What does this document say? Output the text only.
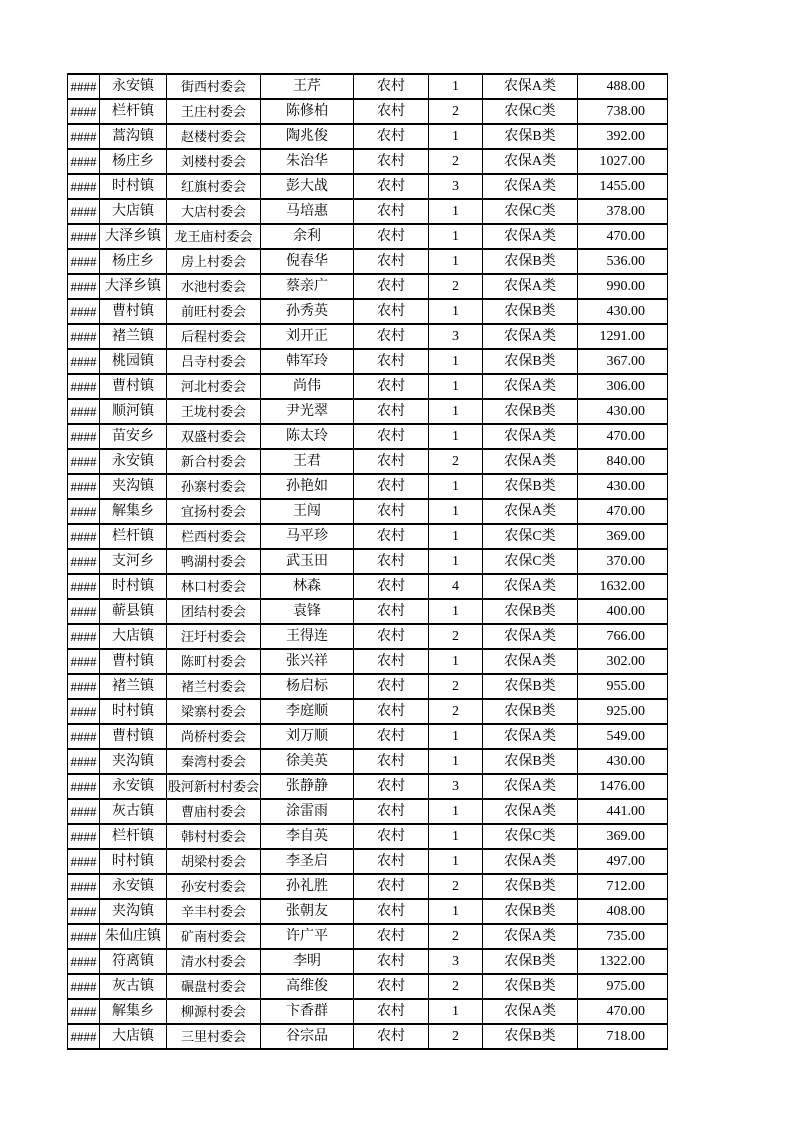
####	永安镇	街西村委会	王芹	农村	1	农保A类	488.00
####	栏杆镇	王庄村委会	陈修柏	农村	2	农保C类	738.00
####	蒿沟镇	赵楼村委会	陶兆俊	农村	1	农保B类	392.00
####	杨庄乡	刘楼村委会	朱治华	农村	2	农保A类	1027.00
####	时村镇	红旗村委会	彭大战	农村	3	农保A类	1455.00
####	大店镇	大店村委会	马培惠	农村	1	农保C类	378.00
####	大泽乡镇	龙王庙村委会	余利	农村	1	农保A类	470.00
####	杨庄乡	房上村委会	倪春华	农村	1	农保B类	536.00
####	大泽乡镇	水池村委会	蔡亲广	农村	2	农保A类	990.00
####	曹村镇	前旺村委会	孙秀英	农村	1	农保B类	430.00
####	褚兰镇	后程村委会	刘开正	农村	3	农保A类	1291.00
####	桃园镇	吕寺村委会	韩军玲	农村	1	农保B类	367.00
####	曹村镇	河北村委会	尚伟	农村	1	农保A类	306.00
####	顺河镇	王垅村委会	尹光翠	农村	1	农保B类	430.00
####	苗安乡	双盛村委会	陈太玲	农村	1	农保A类	470.00
####	永安镇	新合村委会	王君	农村	2	农保A类	840.00
####	夹沟镇	孙寨村委会	孙艳如	农村	1	农保B类	430.00
####	解集乡	宜扬村委会	王闯	农村	1	农保A类	470.00
####	栏杆镇	栏西村委会	马平珍	农村	1	农保C类	369.00
####	支河乡	鸭湖村委会	武玉田	农村	1	农保C类	370.00
####	时村镇	林口村委会	林森	农村	4	农保A类	1632.00
####	蕲县镇	团结村委会	袁锋	农村	1	农保B类	400.00
####	大店镇	汪圩村委会	王得连	农村	2	农保A类	766.00
####	曹村镇	陈町村委会	张兴祥	农村	1	农保A类	302.00
####	褚兰镇	褚兰村委会	杨启标	农村	2	农保B类	955.00
####	时村镇	梁寨村委会	李庭顺	农村	2	农保B类	925.00
####	曹村镇	尚桥村委会	刘万顺	农村	1	农保A类	549.00
####	夹沟镇	秦湾村委会	徐美英	农村	1	农保B类	430.00
####	永安镇	股河新村村委会	张静静	农村	3	农保A类	1476.00
####	灰古镇	曹庙村委会	涂雷雨	农村	1	农保A类	441.00
####	栏杆镇	韩村村委会	李自英	农村	1	农保C类	369.00
####	时村镇	胡梁村委会	李圣启	农村	1	农保A类	497.00
####	永安镇	孙安村委会	孙礼胜	农村	2	农保B类	712.00
####	夹沟镇	辛丰村委会	张朝友	农村	1	农保B类	408.00
####	朱仙庄镇	矿南村委会	许广平	农村	2	农保A类	735.00
####	符离镇	清水村委会	李明	农村	3	农保B类	1322.00
####	灰古镇	碾盘村委会	高维俊	农村	2	农保B类	975.00
####	解集乡	柳源村委会	卞香群	农村	1	农保A类	470.00
####	大店镇	三里村委会	谷宗品	农村	2	农保B类	718.00
